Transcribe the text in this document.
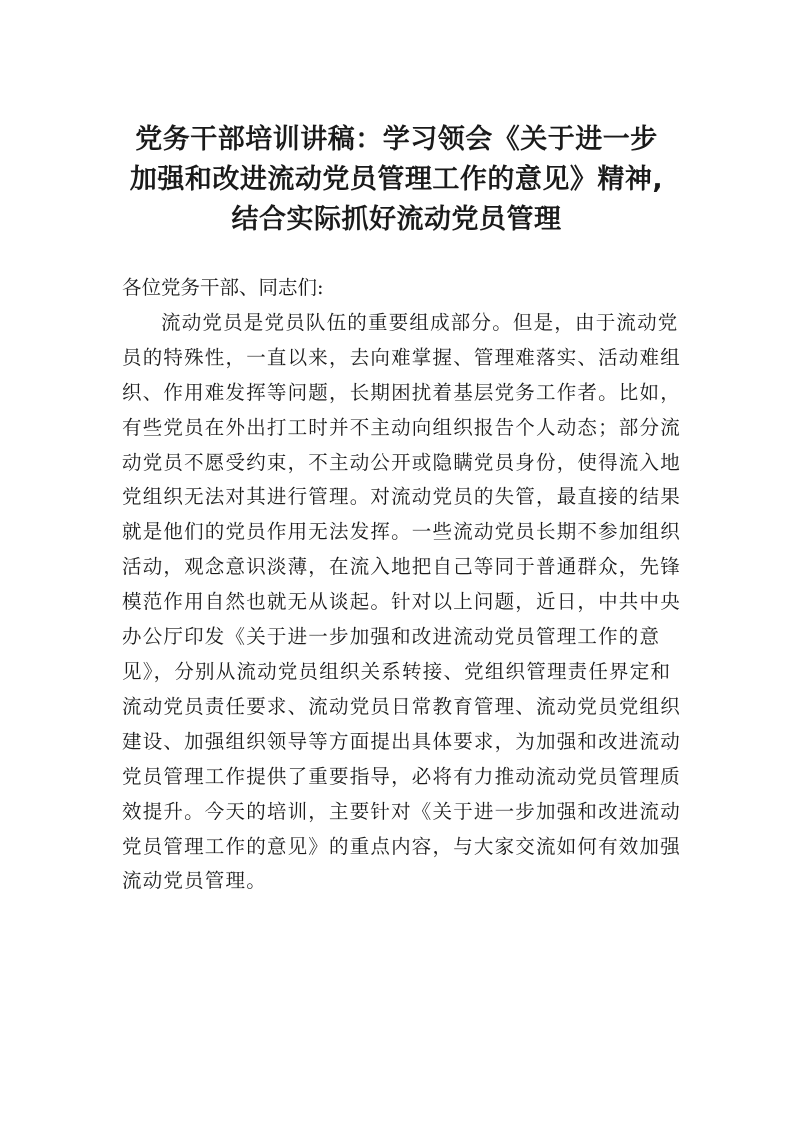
党务干部培训讲稿：学习领会《关于进一步
加强和改进流动党员管理工作的意见》精神,
结合实际抓好流动党员管理

各位党务干部、同志们:

流动党员是党员队伍的重要组成部分。但是，由于流动党
员的特殊性，一直以来，去向难掌握、管理难落实、活动难组
织、作用难发挥等问题，长期困扰着基层党务工作者。比如，
有些党员在外出打工时并不主动向组织报告个人动态；部分流
动党员不愿受约束，不主动公开或隐瞒党员身份，使得流入地
党组织无法对其进行管理。对流动党员的失管，最直接的结果
就是他们的党员作用无法发挥。一些流动党员长期不参加组织
活动，观念意识淡薄，在流入地把自己等同于普通群众，先锋
模范作用自然也就无从谈起。针对以上问题，近日，中共中央
办公厅印发《关于进一步加强和改进流动党员管理工作的意
见》，分别从流动党员组织关系转接、党组织管理责任界定和
流动党员责任要求、流动党员日常教育管理、流动党员党组织
建设、加强组织领导等方面提出具体要求，为加强和改进流动
党员管理工作提供了重要指导，必将有力推动流动党员管理质
效提升。今天的培训，主要针对《关于进一步加强和改进流动
党员管理工作的意见》的重点内容，与大家交流如何有效加强
流动党员管理。
